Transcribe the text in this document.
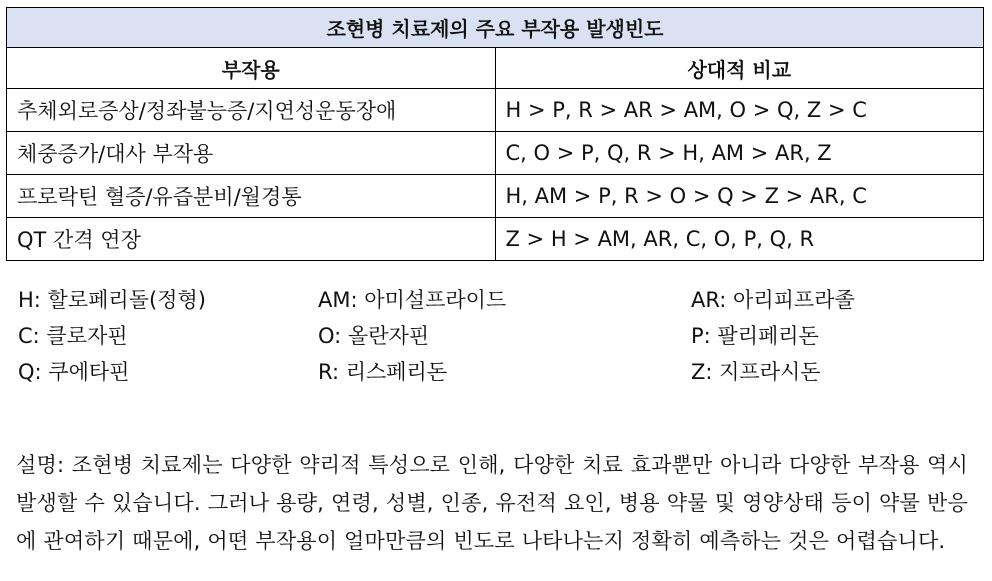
조현병 치료제의 주요 부작용 발생빈도	
부작용	상대적 비교
추체외로증상/정좌불능증/지연성운동장애	H > P, R > AR > AM, O > Q, Z > C
체중증가/대사 부작용	C, O > P, Q, R > H, AM > AR, Z
프로락틴 혈증/유즙분비/월경통	H, AM > P, R > O > Q > Z > AR, C
QT 간격 연장	Z > H > AM, AR, C, O, P, Q, R
H: 할로페리돌(정형)	AM: 아미설프라이드	AR: 아리피프라졸
C: 클로자핀	O: 올란자핀	P: 팔리페리돈
Q: 쿠에타핀	R: 리스페리돈	Z: 지프라시돈

설명: 조현병 치료제는 다양한 약리적 특성으로 인해, 다양한 치료 효과뿐만 아니라 다양한 부작용 역시 발생할 수 있습니다. 그러나 용량, 연령, 성별, 인종, 유전적 요인, 병용 약물 및 영양상태 등이 약물 반응에 관여하기 때문에, 어떤 부작용이 얼마만큼의 빈도로 나타나는지 정확히 예측하는 것은 어렵습니다.
